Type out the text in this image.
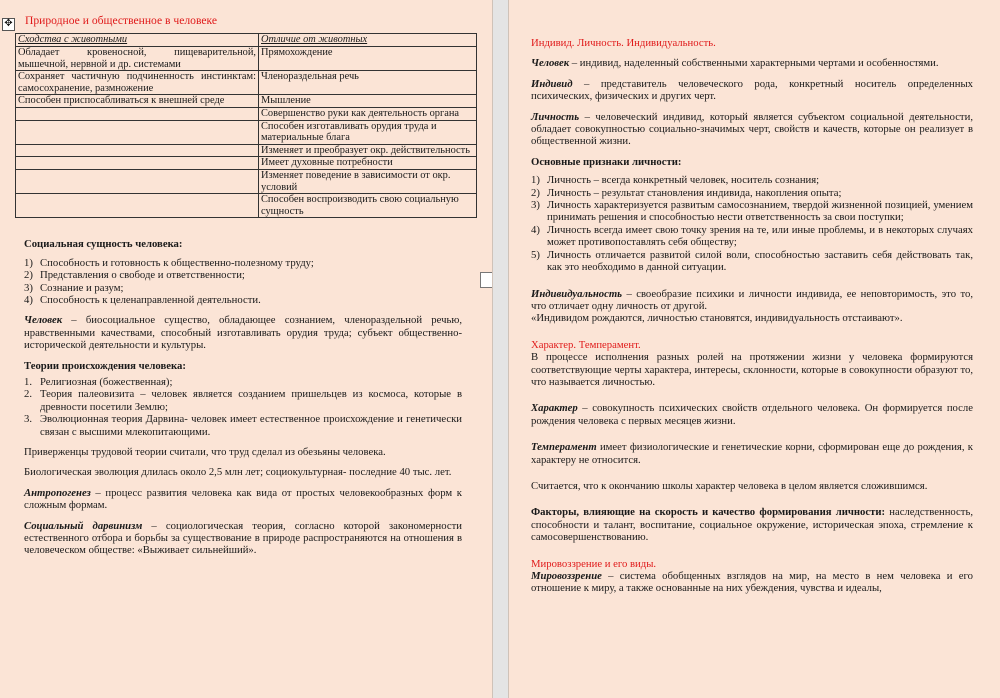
✥ Природное и общественное в человеке
Сходства с животными	Отличие от животных
Обладает кровеносной, пищеварительной, мышечной, нервной и др. системами	Прямохождение
Сохраняет частичную подчиненность инстинктам: самосохранение, размножение	Членораздельная речь
Способен приспосабливаться к внешней среде	Мышление
	Совершенство руки как деятельность органа
	Способен изготавливать орудия труда и материальные блага
	Изменяет и преобразует окр. действительность
	Имеет духовные потребности
	Изменяет поведение в зависимости от окр. условий
	Способен воспроизводить свою социальную сущность
Социальная сущность человека:
1) Способность и готовность к общественно-полезному труду;
2) Представления о свободе и ответственности;
3) Сознание и разум;
4) Способность к целенаправленной деятельности.

Человек – биосоциальное существо, обладающее сознанием, членораздельной речью, нравственными качествами, способный изготавливать орудия труда; субъект общественно-исторической деятельности и культуры.

Теории происхождения человека:
1. Религиозная (божественная);
2. Теория палеовизита – человек является созданием пришельцев из космоса, которые в древности посетили Землю;
3. Эволюционная теория Дарвина- человек имеет естественное происхождение и генетически связан с высшими млекопитающими.

Приверженцы трудовой теории считали, что труд сделал из обезьяны человека.

Биологическая эволюция длилась около 2,5 млн лет; социокультурная- последние 40 тыс. лет.

Антропогенез – процесс развития человека как вида от простых человекообразных форм к сложным формам.

Социальный дарвинизм – социологическая теория, согласно которой закономерности естественного отбора и борьбы за существование в природе распространяются на отношения в человеческом обществе: «Выживает сильнейший».

Индивид. Личность. Индивидуальность.

Человек – индивид, наделенный собственными характерными чертами и особенностями.

Индивид – представитель человеческого рода, конкретный носитель определенных психических, физических и других черт.

Личность – человеческий индивид, который является субъектом социальной деятельности, обладает совокупностью социально-значимых черт, свойств и качеств, которые он реализует в общественной жизни.

Основные признаки личности:
1) Личность – всегда конкретный человек, носитель сознания;
2) Личность – результат становления индивида, накопления опыта;
3) Личность характеризуется развитым самосознанием, твердой жизненной позицией, умением принимать решения и способностью нести ответственность за свои поступки;
4) Личность всегда имеет свою точку зрения на те, или иные проблемы, и в некоторых случаях может противопоставлять себя обществу;
5) Личность отличается развитой силой воли, способностью заставить себя действовать так, как это необходимо в данной ситуации.

Индивидуальность – своеобразие психики и личности индивида, ее неповторимость, это то, что отличает одну личность от другой.

«Индивидом рождаются, личностью становятся, индивидуальность отстаивают».

Характер. Темперамент.

В процессе исполнения разных ролей на протяжении жизни у человека формируются соответствующие черты характера, интересы, склонности, которые в совокупности образуют то, что называется личностью.

Характер – совокупность психических свойств отдельного человека. Он формируется после рождения человека с первых месяцев жизни.

Темперамент имеет физиологические и генетические корни, сформирован еще до рождения, к характеру не относится.

Считается, что к окончанию школы характер человека в целом является сложившимся.

Факторы, влияющие на скорость и качество формирования личности: наследственность, способности и талант, воспитание, социальное окружение, историческая эпоха, стремление к самосовершенствованию.

Мировоззрение и его виды.

Мировоззрение – система обобщенных взглядов на мир, на место в нем человека и его отношение к миру, а также основанные на них убеждения, чувства и идеалы,
